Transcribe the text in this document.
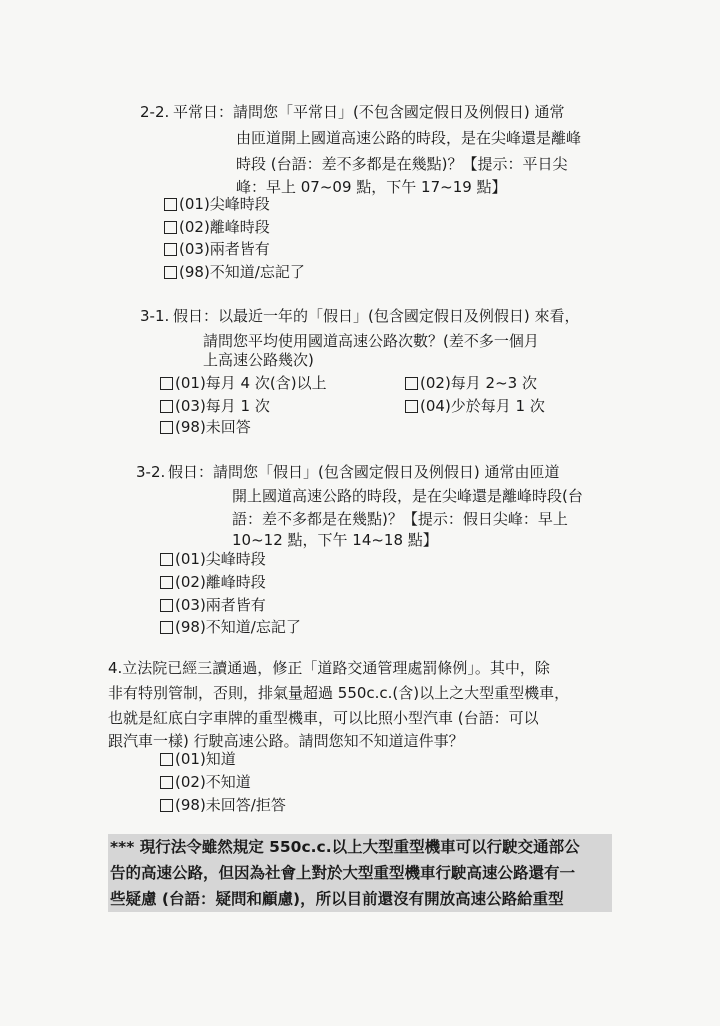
2-2. 平常日：請問您「平常日」(不包含國定假日及例假日) 通常
由匝道開上國道高速公路的時段，是在尖峰還是離峰
時段 (台語：差不多都是在幾點)？【提示：平日尖
峰：早上 07~09 點，下午 17~19 點】
(01)尖峰時段
(02)離峰時段
(03)兩者皆有
(98)不知道/忘記了
3-1. 假日：以最近一年的「假日」(包含國定假日及例假日) 來看，
請問您平均使用國道高速公路次數？(差不多一個月
上高速公路幾次)
(01)每月 4 次(含)以上	(02)每月 2~3 次
(03)每月 1 次	(04)少於每月 1 次
(98)未回答
3-2. 假日：請問您「假日」(包含國定假日及例假日) 通常由匝道
開上國道高速公路的時段，是在尖峰還是離峰時段(台
語：差不多都是在幾點)？【提示：假日尖峰：早上
10~12 點，下午 14~18 點】
(01)尖峰時段
(02)離峰時段
(03)兩者皆有
(98)不知道/忘記了
4.立法院已經三讀通過，修正「道路交通管理處罰條例」。其中，除
非有特別管制，否則，排氣量超過 550c.c.(含)以上之大型重型機車，
也就是紅底白字車牌的重型機車，可以比照小型汽車 (台語：可以
跟汽車一樣) 行駛高速公路。請問您知不知道這件事？
(01)知道
(02)不知道
(98)未回答/拒答
*** 現行法令雖然規定 550c.c.以上大型重型機車可以行駛交通部公
告的高速公路，但因為社會上對於大型重型機車行駛高速公路還有一
些疑慮 (台語：疑問和顧慮)，所以目前還沒有開放高速公路給重型
